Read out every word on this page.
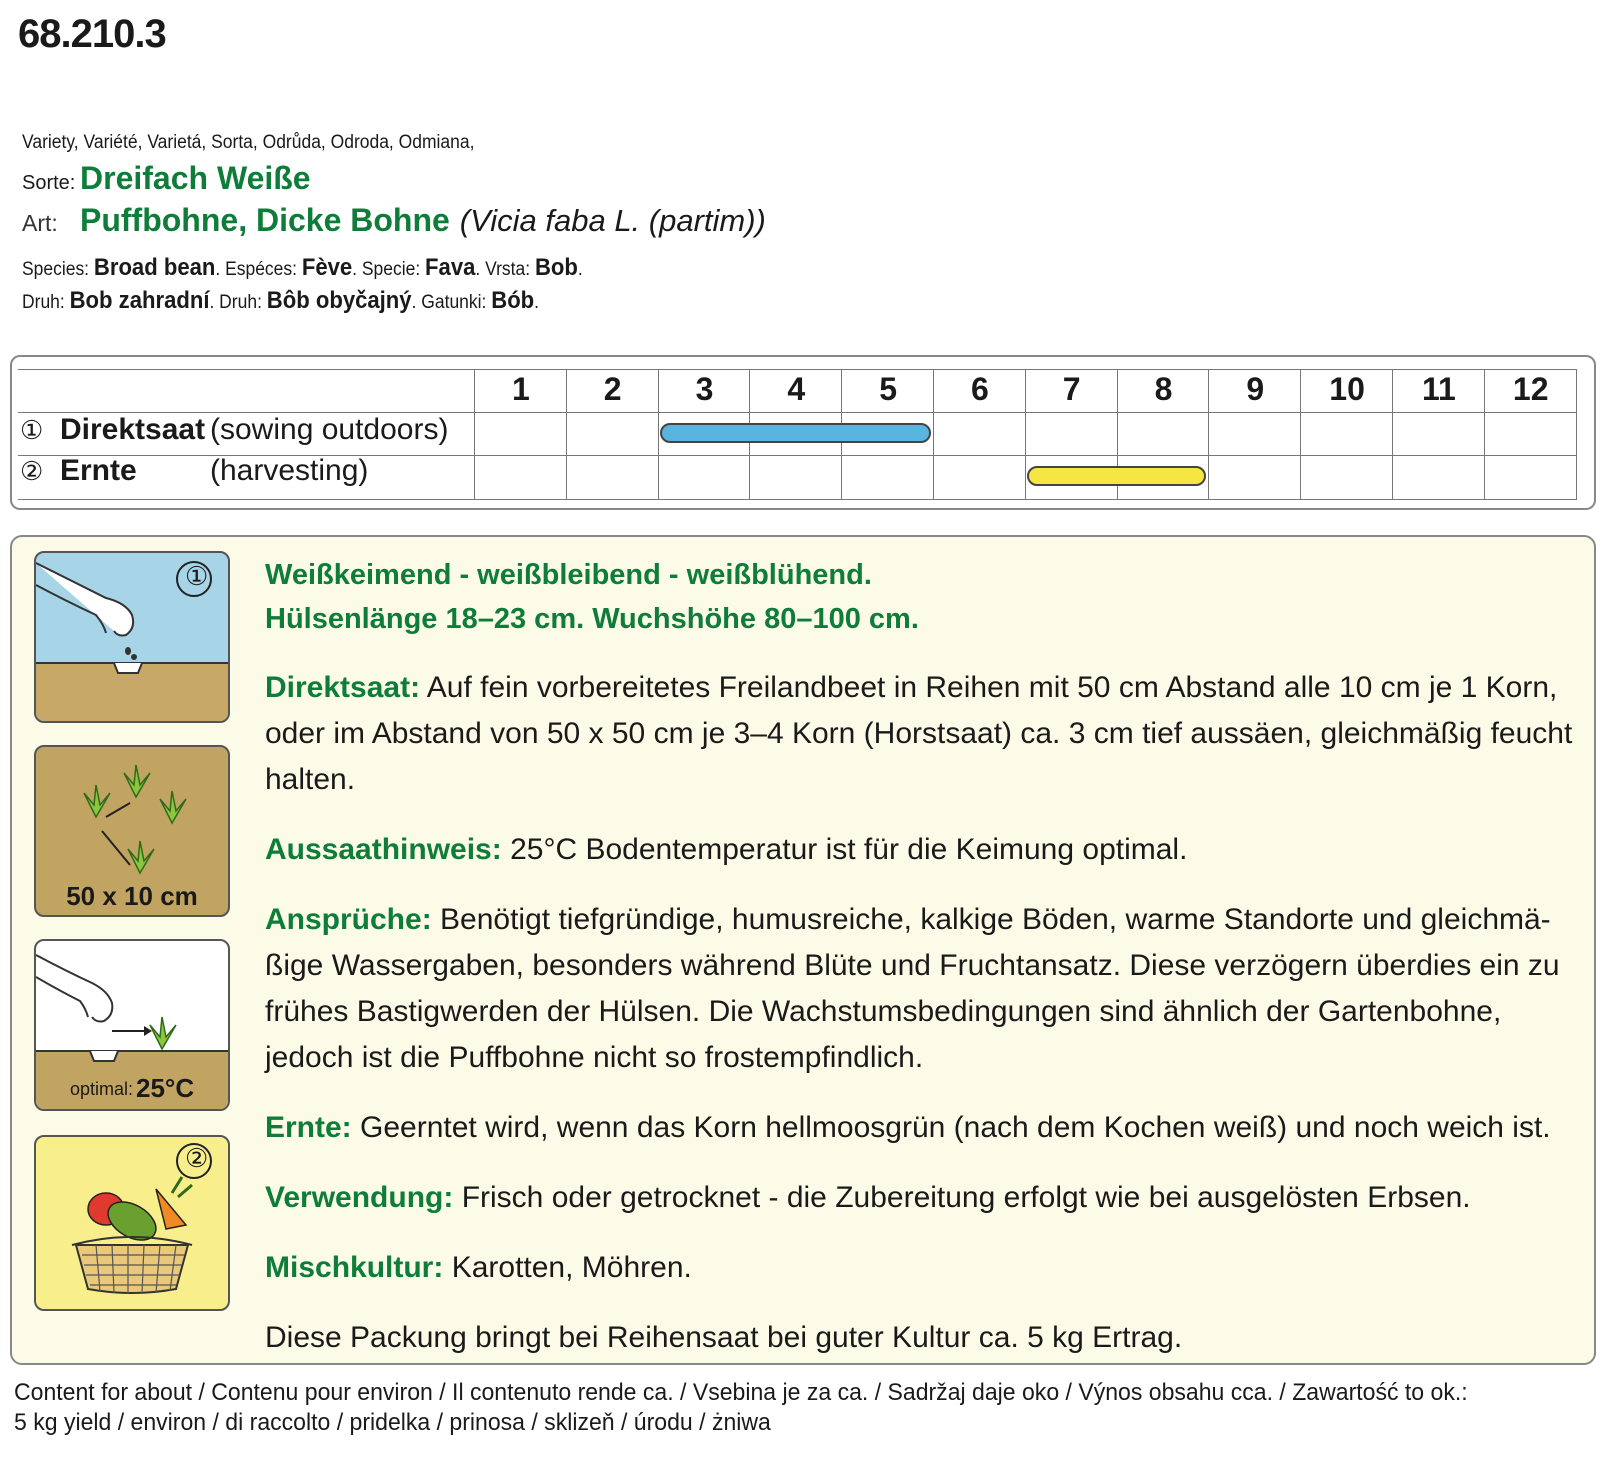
68.210.3
Variety, Variété, Varietá, Sorta, Odrůda, Odroda, Odmiana,
Sorte: Dreifach Weiße
Art: Puffbohne, Dicke Bohne (Vicia faba L. (partim))
Species: Broad bean. Espéces: Fève. Specie: Fava. Vrsta: Bob.
Druh: Bob zahradní. Druh: Bôb obyčajný. Gatunki: Bób.
1	2	3	4	5	6	7	8	9	10	11	12
① Direktsaat (sowing outdoors)
② Ernte	(harvesting)
①
50 x 10 cm
optimal: 25°C
②
Weißkeimend - weißbleibend - weißblühend.
Hülsenlänge 18–23 cm. Wuchshöhe 80–100 cm.

Direktsaat: Auf fein vorbereitetes Freilandbeet in Reihen mit 50 cm Abstand alle 10 cm je 1 Korn, oder im Abstand von 50 x 50 cm je 3–4 Korn (Horstsaat) ca. 3 cm tief aussäen, gleichmäßig feucht halten.

Aussaathinweis: 25°C Bodentemperatur ist für die Keimung optimal.

Ansprüche: Benötigt tiefgründige, humusreiche, kalkige Böden, warme Standorte und gleichmä-ßige Wassergaben, besonders während Blüte und Fruchtansatz. Diese verzögern überdies ein zu frühes Bastigwerden der Hülsen. Die Wachstumsbedingungen sind ähnlich der Gartenbohne, jedoch ist die Puffbohne nicht so frostempfindlich.

Ernte: Geerntet wird, wenn das Korn hellmoosgrün (nach dem Kochen weiß) und noch weich ist.

Verwendung: Frisch oder getrocknet - die Zubereitung erfolgt wie bei ausgelösten Erbsen.

Mischkultur: Karotten, Möhren.

Diese Packung bringt bei Reihensaat bei guter Kultur ca. 5 kg Ertrag.

Content for about / Contenu pour environ / Il contenuto rende ca. / Vsebina je za ca. / Sadržaj daje oko / Výnos obsahu cca. / Zawartość to ok.:
5 kg yield / environ / di raccolto / pridelka / prinosa / sklizeň / úrodu / żniwa
